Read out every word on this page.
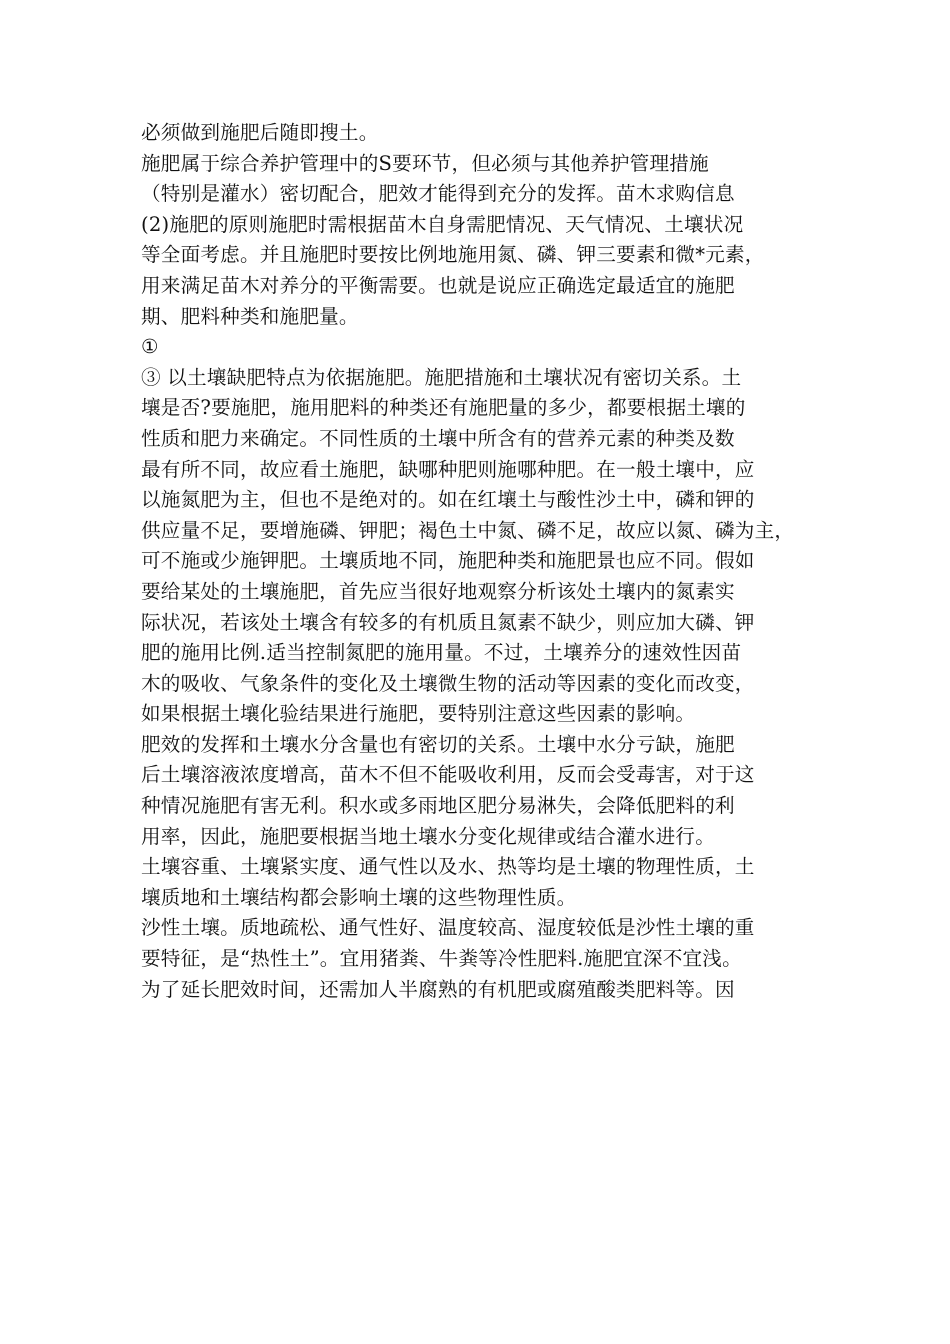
必须做到施肥后随即搜土。
施肥属于综合养护管理中的S要环节，但必须与其他养护管理措施
（特别是灌水）密切配合，肥效才能得到充分的发挥。苗木求购信息
(2)施肥的原则施肥时需根据苗木自身需肥情况、天气情况、土壤状况
等全面考虑。并且施肥时要按比例地施用氮、磷、钾三要素和微*元素，
用来满足苗木对养分的平衡需要。也就是说应正确选定最适宜的施肥
期、肥料种类和施肥量。
①
③ 以土壤缺肥特点为依据施肥。施肥措施和土壤状况有密切关系。土
壤是否?要施肥，施用肥料的种类还有施肥量的多少，都要根据土壤的
性质和肥力来确定。不同性质的土壤中所含有的营养元素的种类及数
最有所不同，故应看土施肥，缺哪种肥则施哪种肥。在一般土壤中，应
以施氮肥为主，但也不是绝对的。如在红壤土与酸性沙土中，磷和钾的
供应量不足，要增施磷、钾肥；褐色土中氮、磷不足，故应以氮、磷为主，
可不施或少施钾肥。土壤质地不同，施肥种类和施肥景也应不同。假如
要给某处的土壤施肥，首先应当很好地观察分析该处土壤内的氮素实
际状况，若该处土壤含有较多的有机质且氮素不缺少，则应加大磷、钾
肥的施用比例.适当控制氮肥的施用量。不过，土壤养分的速效性因苗
木的吸收、气象条件的变化及土壤微生物的活动等因素的变化而改变，
如果根据土壤化验结果进行施肥，要特别注意这些因素的影响。
肥效的发挥和土壤水分含量也有密切的关系。土壤中水分亏缺，施肥
后土壤溶液浓度增高，苗木不但不能吸收利用，反而会受毒害，对于这
种情况施肥有害无利。积水或多雨地区肥分易淋失，会降低肥料的利
用率，因此，施肥要根据当地土壤水分变化规律或结合灌水进行。
土壤容重、土壤紧实度、通气性以及水、热等均是土壤的物理性质，土
壤质地和土壤结构都会影响土壤的这些物理性质。
沙性土壤。质地疏松、通气性好、温度较高、湿度较低是沙性土壤的重
要特征，是“热性土”。宜用猪粪、牛粪等冷性肥料.施肥宜深不宜浅。
为了延长肥效时间，还需加人半腐熟的有机肥或腐殖酸类肥料等。因
